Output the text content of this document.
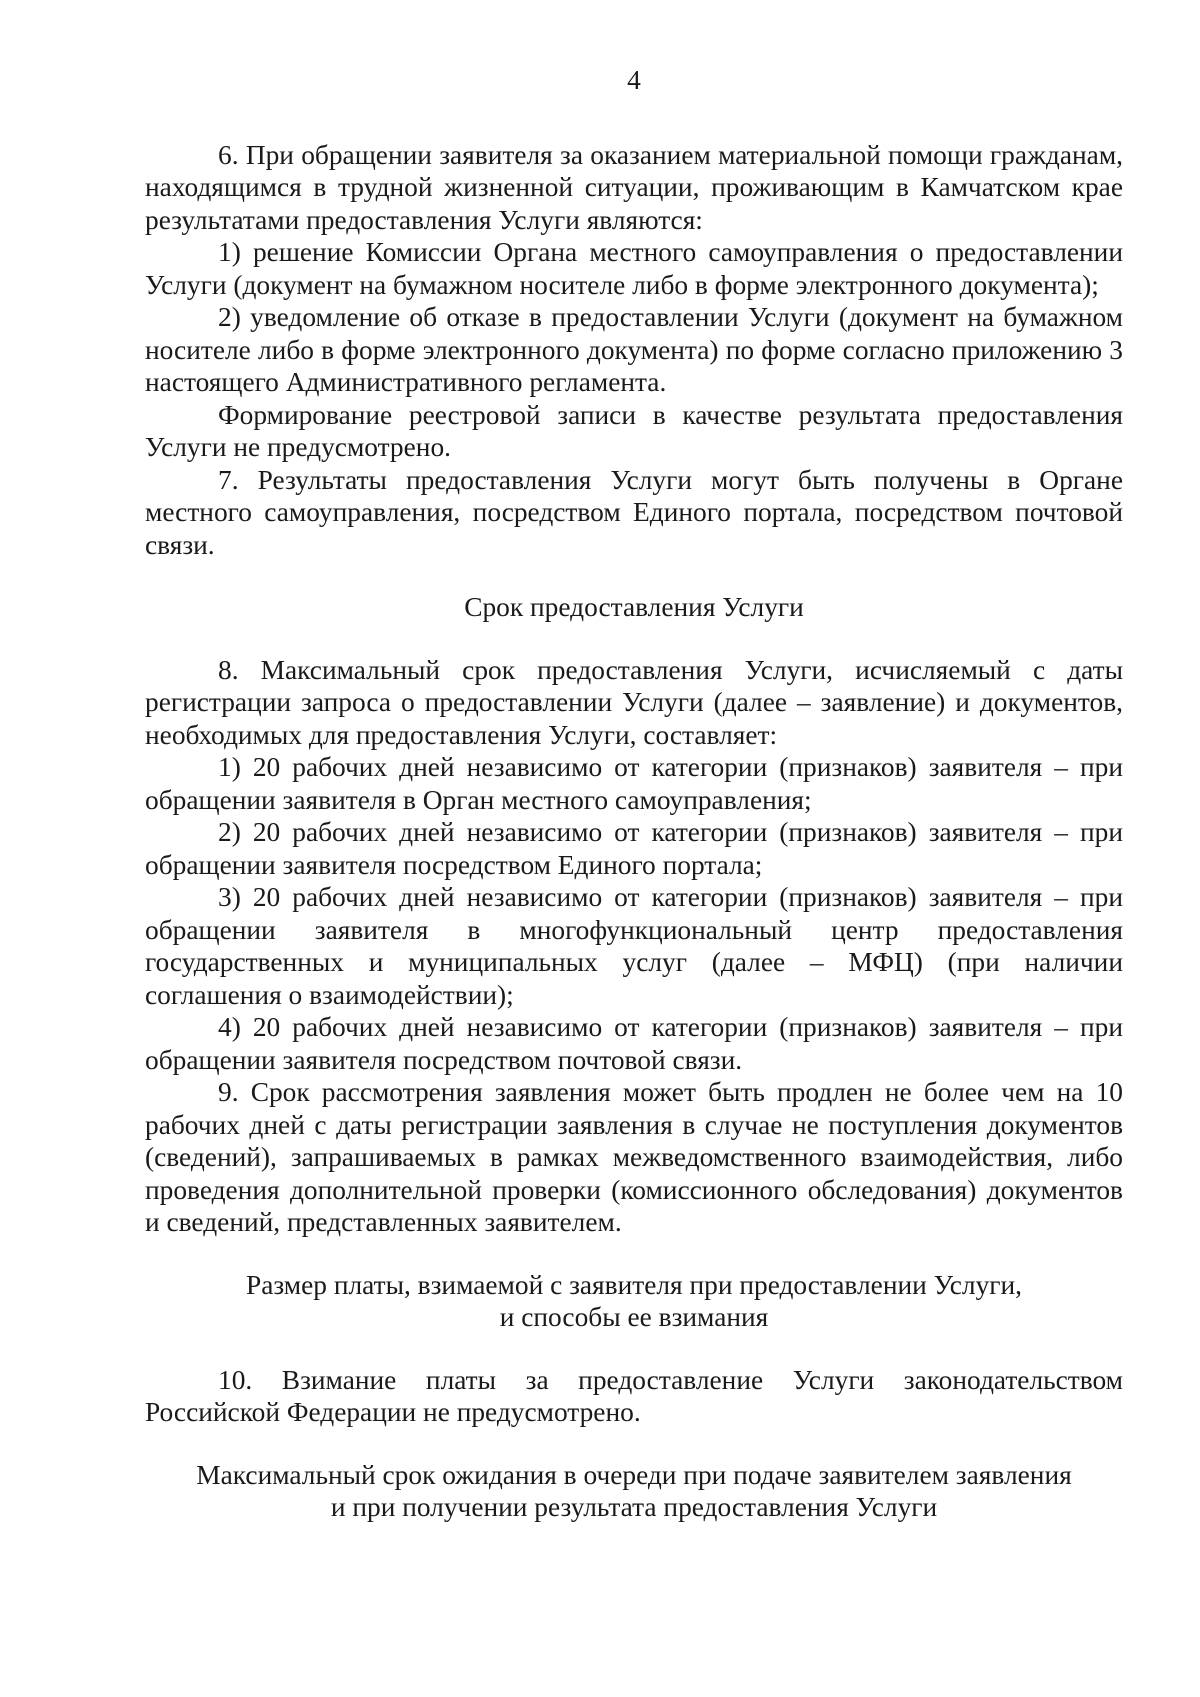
4

6. При обращении заявителя за оказанием материальной помощи гражданам, находящимся в трудной жизненной ситуации, проживающим в Камчатском крае результатами предоставления Услуги являются:

1) решение Комиссии Органа местного самоуправления о предоставлении Услуги (документ на бумажном носителе либо в форме электронного документа);

2) уведомление об отказе в предоставлении Услуги (документ на бумажном носителе либо в форме электронного документа) по форме согласно приложению 3 настоящего Административного регламента.

Формирование реестровой записи в качестве результата предоставления Услуги не предусмотрено.

7. Результаты предоставления Услуги могут быть получены в Органе местного самоуправления, посредством Единого портала, посредством почтовой связи.

Срок предоставления Услуги

8. Максимальный срок предоставления Услуги, исчисляемый с даты регистрации запроса о предоставлении Услуги (далее – заявление) и документов, необходимых для предоставления Услуги, составляет:

1) 20 рабочих дней независимо от категории (признаков) заявителя – при обращении заявителя в Орган местного самоуправления;

2) 20 рабочих дней независимо от категории (признаков) заявителя – при обращении заявителя посредством Единого портала;

3) 20 рабочих дней независимо от категории (признаков) заявителя – при обращении заявителя в многофункциональный центр предоставления государственных и муниципальных услуг (далее – МФЦ) (при наличии соглашения о взаимодействии);

4) 20 рабочих дней независимо от категории (признаков) заявителя – при обращении заявителя посредством почтовой связи.

9. Срок рассмотрения заявления может быть продлен не более чем на 10 рабочих дней с даты регистрации заявления в случае не поступления документов (сведений), запрашиваемых в рамках межведомственного взаимодействия, либо проведения дополнительной проверки (комиссионного обследования) документов и сведений, представленных заявителем.

Размер платы, взимаемой с заявителя при предоставлении Услуги,
и способы ее взимания

10. Взимание платы за предоставление Услуги законодательством Российской Федерации не предусмотрено.

Максимальный срок ожидания в очереди при подаче заявителем заявления
и при получении результата предоставления Услуги
